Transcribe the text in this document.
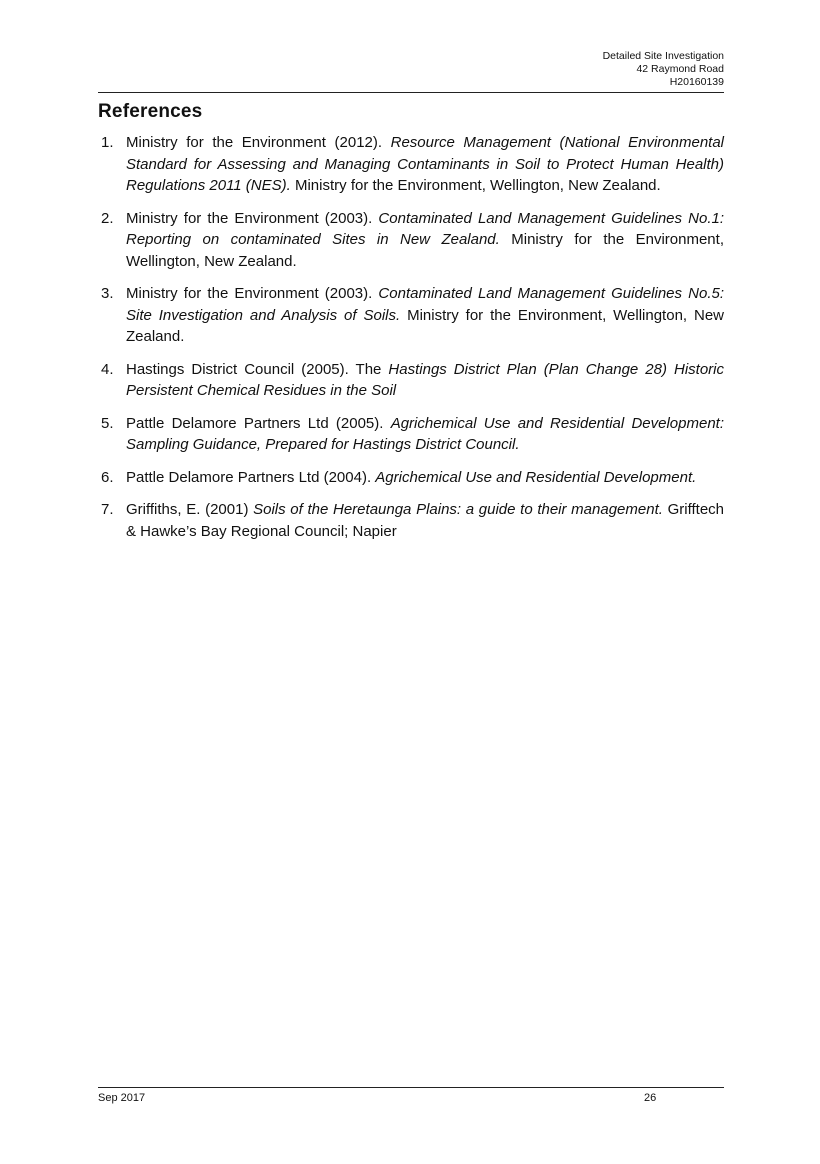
Detailed Site Investigation
42 Raymond Road
H20160139
References
1. Ministry for the Environment (2012). Resource Management (National Environmental Standard for Assessing and Managing Contaminants in Soil to Protect Human Health) Regulations 2011 (NES). Ministry for the Environment, Wellington, New Zealand.
2. Ministry for the Environment (2003). Contaminated Land Management Guidelines No.1: Reporting on contaminated Sites in New Zealand. Ministry for the Environment, Wellington, New Zealand.
3. Ministry for the Environment (2003). Contaminated Land Management Guidelines No.5: Site Investigation and Analysis of Soils. Ministry for the Environment, Wellington, New Zealand.
4. Hastings District Council (2005). The Hastings District Plan (Plan Change 28) Historic Persistent Chemical Residues in the Soil
5. Pattle Delamore Partners Ltd (2005). Agrichemical Use and Residential Development: Sampling Guidance, Prepared for Hastings District Council.
6. Pattle Delamore Partners Ltd (2004). Agrichemical Use and Residential Development.
7. Griffiths, E. (2001) Soils of the Heretaunga Plains: a guide to their management. Grifftech & Hawke’s Bay Regional Council; Napier
Sep 2017	26
